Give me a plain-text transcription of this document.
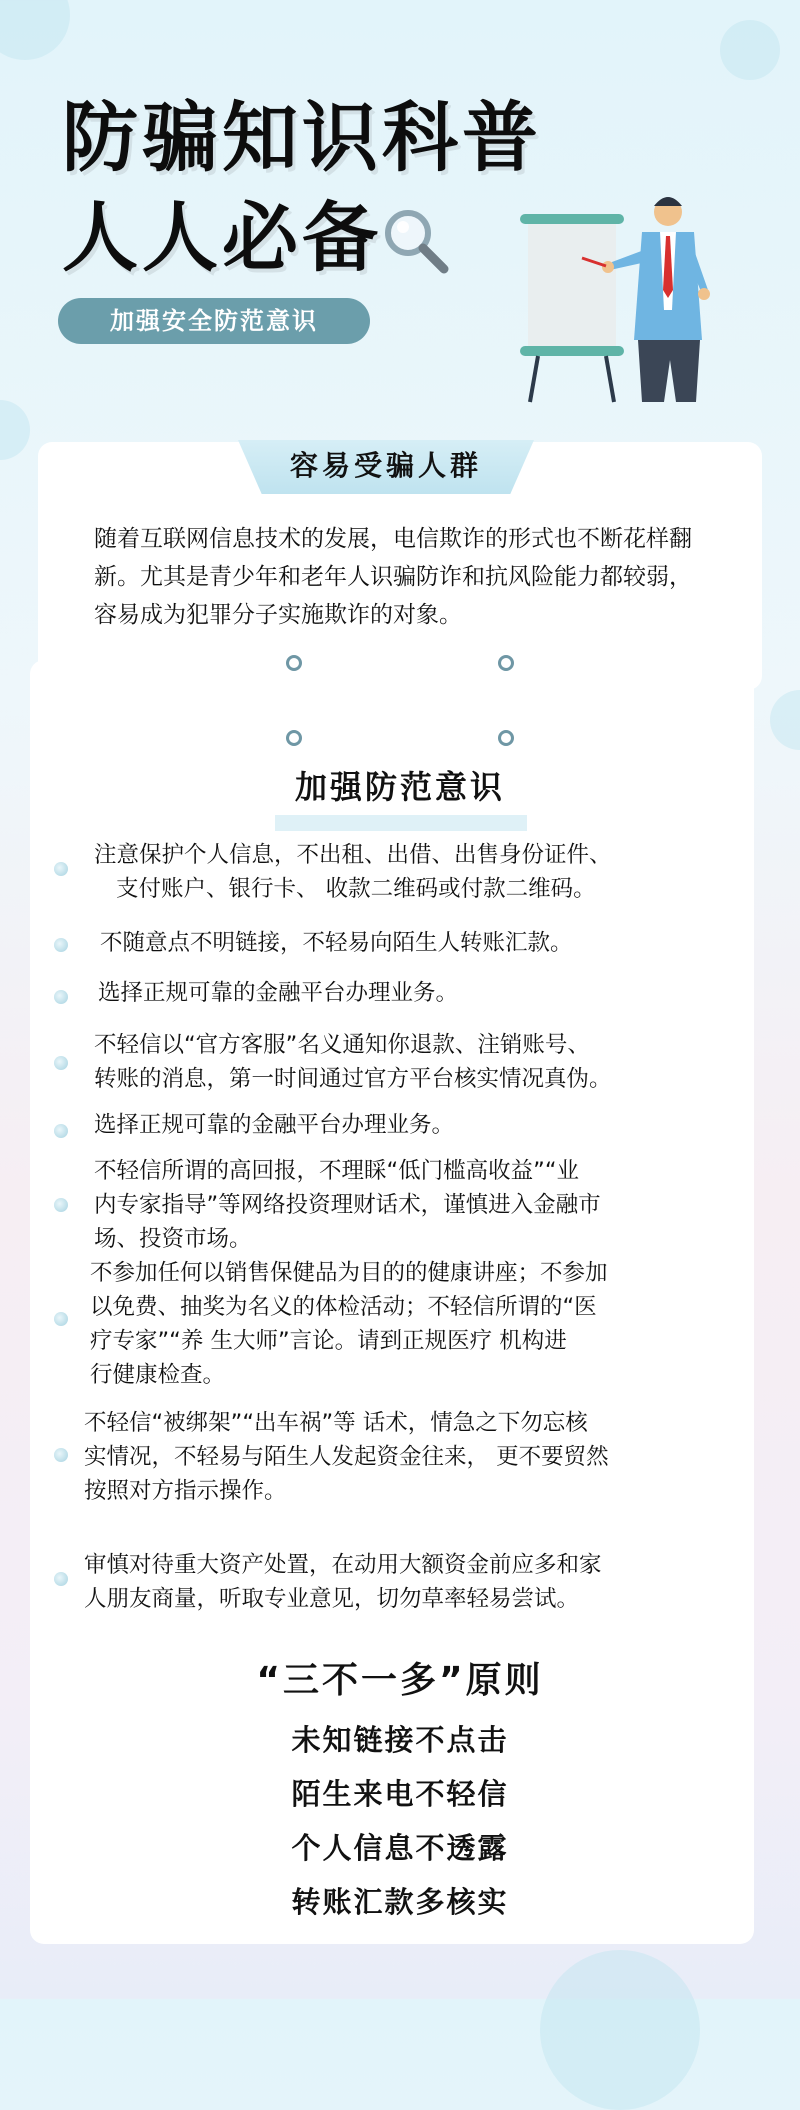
防骗知识科普
人人必备
加强安全防范意识
容易受骗人群

随着互联网信息技术的发展，电信欺诈的形式也不断花样翻新。尤其是青少年和老年人识骗防诈和抗风险能力都较弱，容易成为犯罪分子实施欺诈的对象。

加强防范意识

注意保护个人信息，不出租、出借、出售身份证件、

支付账户、银行卡、 收款二维码或付款二维码。

不随意点不明链接，不轻易向陌生人转账汇款。

选择正规可靠的金融平台办理业务。

不轻信以“官方客服”名义通知你退款、注销账号、

转账的消息，第一时间通过官方平台核实情况真伪。

选择正规可靠的金融平台办理业务。

不轻信所谓的高回报，不理睬“低门槛高收益”“业

内专家指导”等网络投资理财话术，谨慎进入金融市

场、投资市场。

不参加任何以销售保健品为目的的健康讲座；不参加

以免费、抽奖为名义的体检活动；不轻信所谓的“医

疗专家”“养 生大师”言论。请到正规医疗 机构进

行健康检查。

不轻信“被绑架”“出车祸”等 话术，情急之下勿忘核

实情况，不轻易与陌生人发起资金往来， 更不要贸然

按照对方指示操作。

审慎对待重大资产处置，在动用大额资金前应多和家

人朋友商量，听取专业意见，切勿草率轻易尝试。

“三不一多”原则
未知链接不点击
陌生来电不轻信
个人信息不透露
转账汇款多核实
